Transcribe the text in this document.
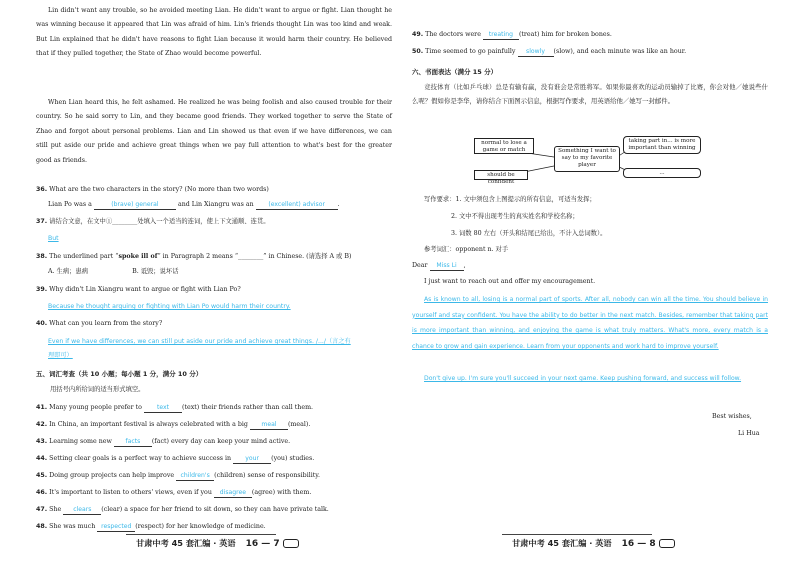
Lin didn't want any trouble, so he avoided meeting Lian. He didn't want to argue or fight. Lian thought he was winning because it appeared that Lin was afraid of him. Lin's friends thought Lin was too kind and weak. But Lin explained that he didn't have reasons to fight Lian because it would harm their country. He believed that if they pulled together, the State of Zhao would become powerful.

When Lian heard this, he felt ashamed. He realized he was being foolish and also caused trouble for their country. So he said sorry to Lin, and they became good friends. They worked together to serve the State of Zhao and forgot about personal problems. Lian and Lin showed us that even if we have differences, we can still put aside our pride and achieve great things when we pay full attention to what's best for the greater good as friends.

36. What are the two characters in the story? (No more than two words)
Lian Po was a	(brave) general	and Lin Xiangru was an (excellent) advisor .
37. 请结合文意，在文中①________处填入一个适当的连词，使上下文通顺、连贯。
But
38. The underlined part “spoke ill of” in Paragraph 2 means “________” in Chinese. (请选择 A 或 B)
A. 生病；患病	B. 诋毁；说坏话
39. Why didn't Lin Xiangru want to argue or fight with Lian Po?
Because he thought arguing or fighting with Lian Po would harm their country.
40. What can you learn from the story?
Even if we have differences, we can still put aside our pride and achieve great things. /.../（言之有
理即可）
五、词汇考查（共 10 小题；每小题 1 分，满分 10 分）
用括号内所给词的适当形式填空。
41. Many young people prefer to text (text) their friends rather than call them.
42. In China, an important festival is always celebrated with a big meal (meal).
43. Learning some new facts (fact) every day can keep your mind active.
44. Setting clear goals is a perfect way to achieve success in your (you) studies.
45. Doing group projects can help improve children's (children) sense of responsibility.
46. It's important to listen to others' views, even if you disagree (agree) with them.
47. She clears (clear) a space for her friend to sit down, so they can have private talk.
48. She was much respected (respect) for her knowledge of medicine.
甘肃中考 45 套汇编 · 英语 16 — 7
49. The doctors were treating (treat) him for broken bones.
50. Time seemed to go painfully slowly (slow), and each minute was like an hour.
六、书面表达（满分 15 分）

竞技体育（比如乒乓球）总是有输有赢，没有谁会是常胜将军。如果你最喜欢的运动员输掉了比赛，你会对他／她说些什么呢？假如你是李华，请你结合下面图示信息，根据写作要求，用英语给他／她写一封邮件。

normal to lose a game or match
should be confident
Something I want to say to my favorite player
taking part in... is more important than winning
...
写作要求：1. 文中须包含上图提示的所有信息，可适当发挥；
2. 文中不得出现考生的真实姓名和学校名称；
3. 词数 80 左右（开头和结尾已给出，不计入总词数）。
参考词汇：opponent n. 对手
Dear Miss Li ,
I just want to reach out and offer my encouragement.

As is known to all, losing is a normal part of sports. After all, nobody can win all the time. You should believe in yourself and stay confident. You have the ability to do better in the next match. Besides, remember that taking part is more important than winning, and enjoying the game is what truly matters. What's more, every match is a chance to grow and gain experience. Learn from your opponents and work hard to improve yourself.

Don't give up. I'm sure you'll succeed in your next game. Keep pushing forward, and success will follow.

Best wishes,
Li Hua
甘肃中考 45 套汇编 · 英语 16 — 8
